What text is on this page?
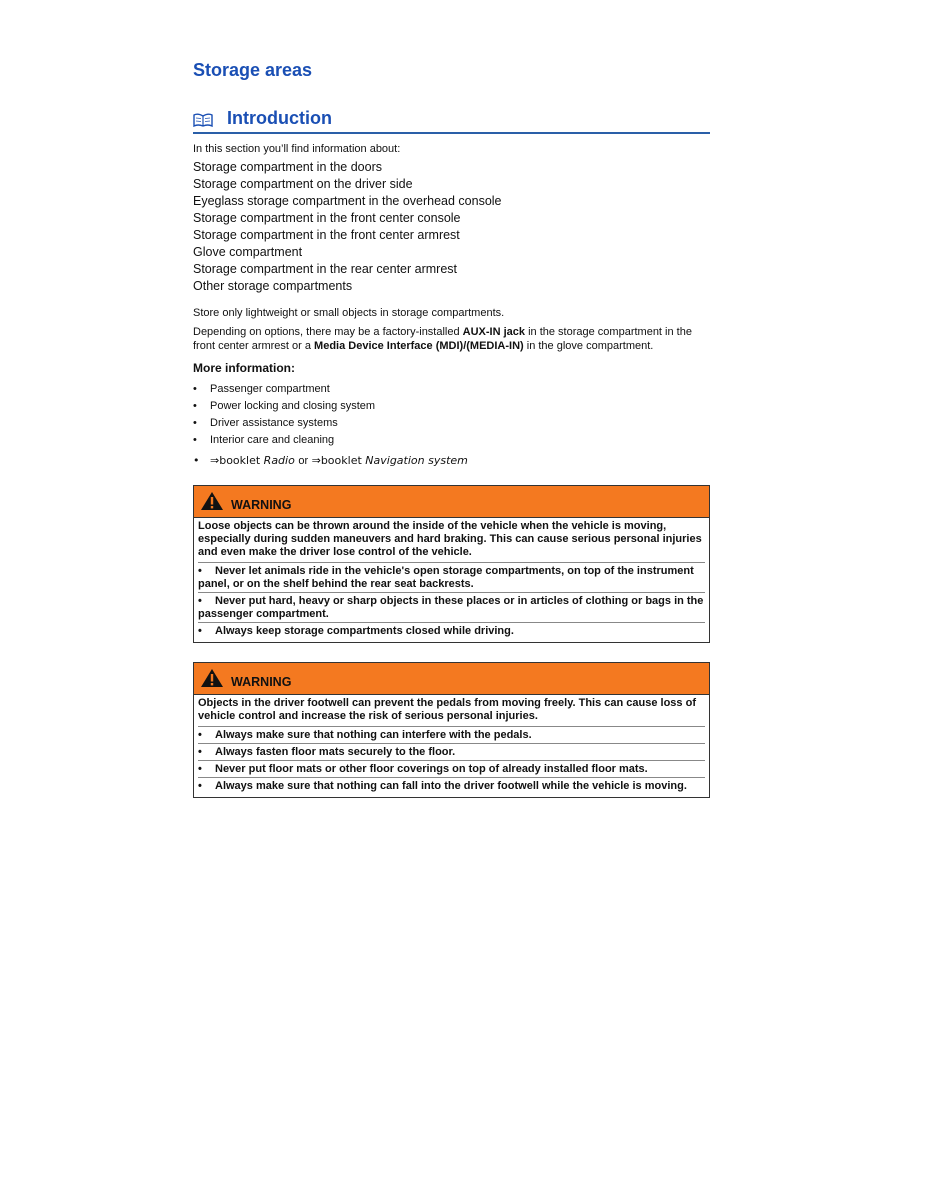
Storage areas
Introduction
In this section you’ll find information about:
Storage compartment in the doors
Storage compartment on the driver side
Eyeglass storage compartment in the overhead console
Storage compartment in the front center console
Storage compartment in the front center armrest
Glove compartment
Storage compartment in the rear center armrest
Other storage compartments

Store only lightweight or small objects in storage compartments.

Depending on options, there may be a factory-installed AUX-IN jack in the storage compartment in the front center armrest or a Media Device Interface (MDI)/(MEDIA-IN) in the glove compartment.

More information:
• Passenger compartment
• Power locking and closing system
• Driver assistance systems
• Interior care and cleaning
• ⇒booklet Radio or ⇒booklet Navigation system
WARNING

Loose objects can be thrown around the inside of the vehicle when the vehicle is moving, especially during sudden maneuvers and hard braking. This can cause serious personal injuries and even make the driver lose control of the vehicle.

• Never let animals ride in the vehicle's open storage compartments, on top of the instrument panel, or on the shelf behind the rear seat backrests.

• Never put hard, heavy or sharp objects in these places or in articles of clothing or bags in the passenger compartment.

• Always keep storage compartments closed while driving.

WARNING

Objects in the driver footwell can prevent the pedals from moving freely. This can cause loss of vehicle control and increase the risk of serious personal injuries.

• Always make sure that nothing can interfere with the pedals.

• Always fasten floor mats securely to the floor.

• Never put floor mats or other floor coverings on top of already installed floor mats.

• Always make sure that nothing can fall into the driver footwell while the vehicle is moving.
